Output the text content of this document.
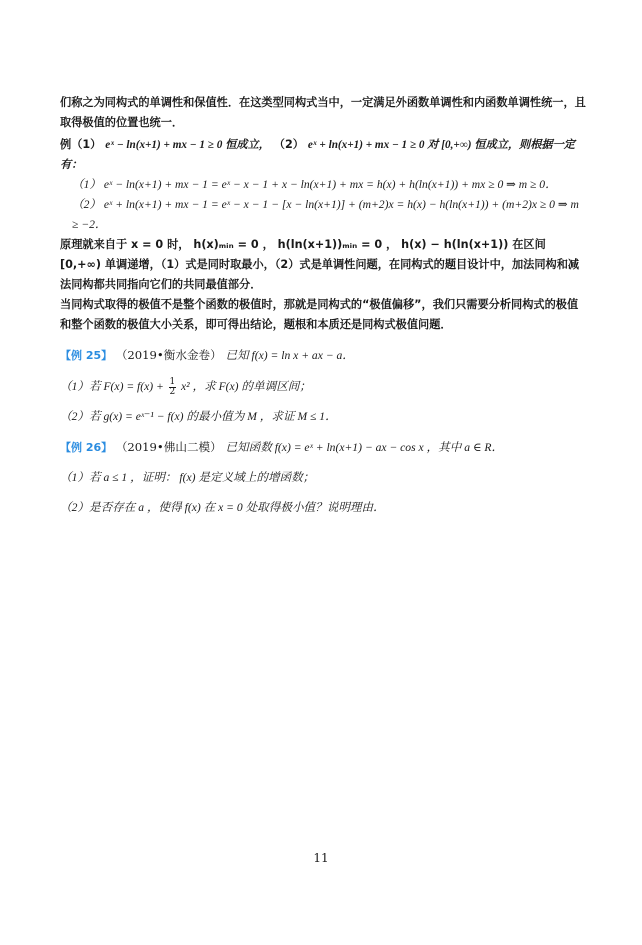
们称之为同构式的单调性和保值性．在这类型同构式当中，一定满足外函数单调性和内函数单调性统一，且取得极值的位置也统一．

例（1） eˣ − ln(x+1) + mx − 1 ≥ 0 恒成立， （2） eˣ + ln(x+1) + mx − 1 ≥ 0 对 [0,+∞) 恒成立，则根据一定有：

（1） eˣ − ln(x+1) + mx − 1 = eˣ − x − 1 + x − ln(x+1) + mx = h(x) + h(ln(x+1)) + mx ≥ 0 ⇒ m ≥ 0．

（2） eˣ + ln(x+1) + mx − 1 = eˣ − x − 1 − [x − ln(x+1)] + (m+2)x = h(x) − h(ln(x+1)) + (m+2)x ≥ 0 ⇒ m ≥ −2．

原理就来自于 x = 0 时， h(x)ₘᵢₙ = 0 ， h(ln(x+1))ₘᵢₙ = 0 ， h(x) − h(ln(x+1)) 在区间 [0,+∞) 单调递增，（1）式是同时取最小，（2）式是单调性问题，在同构式的题目设计中，加法同构和减法同构都共同指向它们的共同最值部分．

当同构式取得的极值不是整个函数的极值时，那就是同构式的“极值偏移”，我们只需要分析同构式的极值和整个函数的极值大小关系，即可得出结论，题根和本质还是同构式极值问题．

【例 25】 （2019•衡水金卷） 已知 f(x) = ln x + ax − a．

（1）若 $F(x) = f(x) + \frac{1}{2} x^2$ ，求 F(x) 的单调区间；

（2）若 g(x) = eˣ⁻¹ − f(x) 的最小值为 M ，求证 M ≤ 1．

【例 26】 （2019•佛山二模） 已知函数 f(x) = eˣ + ln(x+1) − ax − cos x ，其中 a ∈ R．

（1）若 a ≤ 1 ，证明： f(x) 是定义域上的增函数；

（2）是否存在 a ，使得 f(x) 在 x = 0 处取得极小值？说明理由．

11
